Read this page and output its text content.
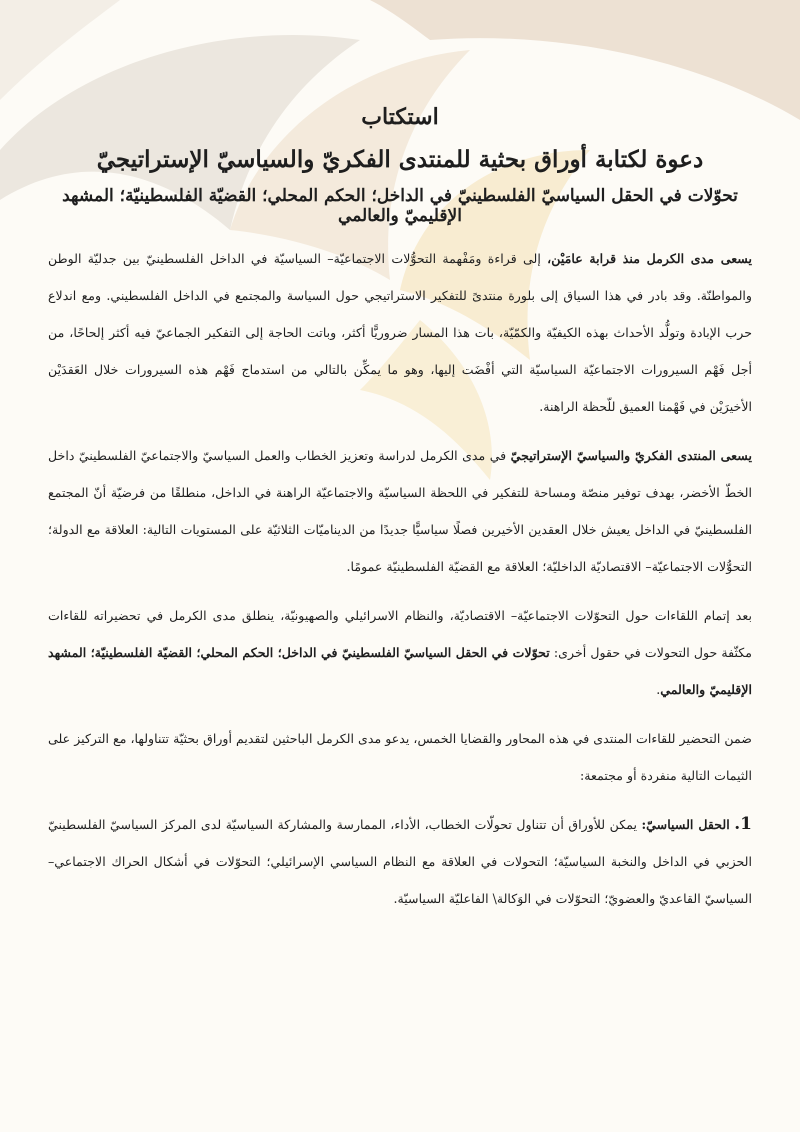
استكتاب
دعوة لكتابة أوراق بحثية للمنتدى الفكريّ والسياسيّ الإستراتيجيّ
تحوّلات في الحقل السياسيّ الفلسطينيّ في الداخل؛ الحكم المحلي؛ القضيّة الفلسطينيّة؛ المشهد الإقليميّ والعالمي

يسعى مدى الكرمل منذ قرابة عامَيْن، إلى قراءة ومَفْهمة التحوُّلات الاجتماعيّة– السياسيّة في الداخل الفلسطينيّ بين جدليّة الوطن والمواطنّة. وقد بادر في هذا السياق إلى بلورة منتدىً للتفكير الاستراتيجي حول السياسة والمجتمع في الداخل الفلسطيني. ومع اندلاع حرب الإبادة وتولُّد الأحداث بهذه الكيفيّة والكمّيّة، بات هذا المسار ضروريًّا أكثر، وباتت الحاجة إلى التفكير الجماعيّ فيه أكثر إلحاحًا، من أجل فَهْم السيرورات الاجتماعيّة السياسيّة التي أفْضَت إليها، وهو ما يمكِّن بالتالي من استدماج فَهْم هذه السيرورات خلال العَقدَيْن الأخيرَيْن في فَهْمنا العميق للّحظة الراهنة.

يسعى المنتدى الفكريّ والسياسيّ الإستراتيجيّ في مدى الكرمل لدراسة وتعزيز الخطاب والعمل السياسيّ والاجتماعيّ الفلسطينيّ داخل الخطّ الأخضر، بهدف توفير منصّة ومساحة للتفكير في اللحظة السياسيّة والاجتماعيّة الراهنة في الداخل، منطلقًا من فرضيّة أنّ المجتمع الفلسطينيّ في الداخل يعيش خلال العقدين الأخيرين فصلًا سياسيًّا جديدًا من الديناميّات الثلاثيّة على المستويات التالية: العلاقة مع الدولة؛ التحوُّلات الاجتماعيّة– الاقتصاديّة الداخليّة؛ العلاقة مع القضيّة الفلسطينيّة عمومًا.

بعد إتمام اللقاءات حول التحوّلات الاجتماعيّة– الاقتصاديّة، والنظام الاسرائيلي والصهيونيّة، ينطلق مدى الكرمل في تحضيراته للقاءات مكثّفة حول التحولات في حقول أخرى: تحوّلات في الحقل السياسيّ الفلسطينيّ في الداخل؛ الحكم المحلي؛ القضيّة الفلسطينيّة؛ المشهد الإقليميّ والعالمي.

ضمن التحضير للقاءات المنتدى في هذه المحاور والقضايا الخمس، يدعو مدى الكرمل الباحثين لتقديم أوراق بحثيّة تتناولها، مع التركيز على الثيمات التالية منفردة أو مجتمعة:

1. الحقل السياسيّ: يمكن للأوراق أن تتناول تحولّات الخطاب، الأداء، الممارسة والمشاركة السياسيّة لدى المركز السياسيّ الفلسطينيّ الحزبي في الداخل والنخبة السياسيّة؛ التحولات في العلاقة مع النظام السياسي الإسرائيلي؛ التحوّلات في أشكال الحراك الاجتماعي– السياسيّ القاعديّ والعضويّ؛ التحوّلات في الوَكالة\ الفاعليّة السياسيّة.
